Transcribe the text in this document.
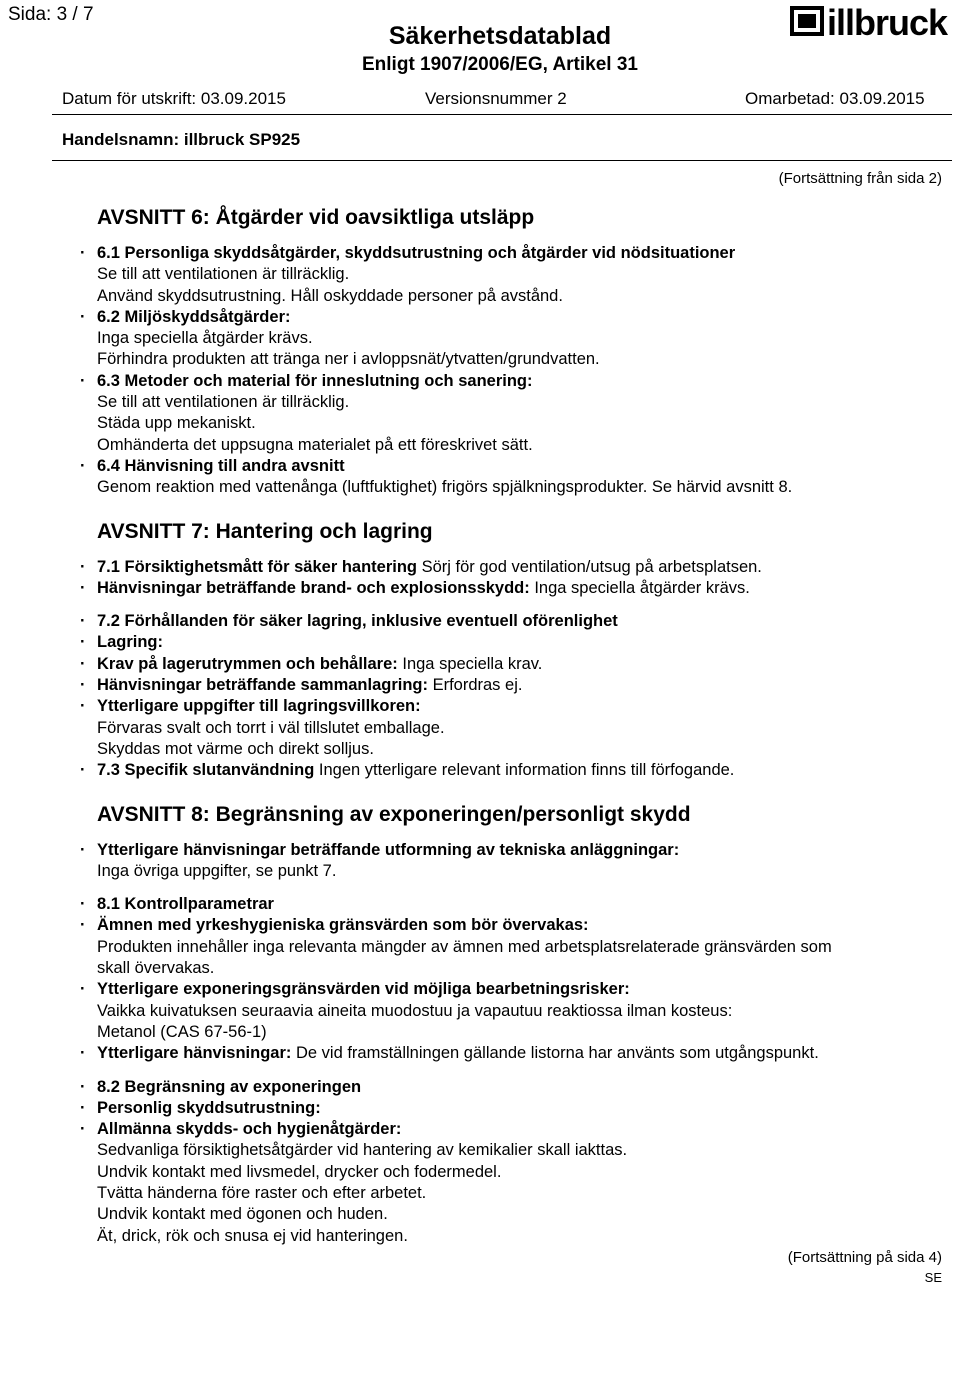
Sida: 3 / 7
Säkerhetsdatablad
Enligt 1907/2006/EG, Artikel 31
illbruck
Datum för utskrift: 03.09.2015	Versionsnummer 2	Omarbetad: 03.09.2015
Handelsnamn: illbruck SP925
(Fortsättning från sida 2)
AVSNITT 6: Åtgärder vid oavsiktliga utsläpp
· 6.1 Personliga skyddsåtgärder, skyddsutrustning och åtgärder vid nödsituationer
Se till att ventilationen är tillräcklig.
Använd skyddsutrustning. Håll oskyddade personer på avstånd.
· 6.2 Miljöskyddsåtgärder:
Inga speciella åtgärder krävs.
Förhindra produkten att tränga ner i avloppsnät/ytvatten/grundvatten.
· 6.3 Metoder och material för inneslutning och sanering:
Se till att ventilationen är tillräcklig.
Städa upp mekaniskt.
Omhänderta det uppsugna materialet på ett föreskrivet sätt.
· 6.4 Hänvisning till andra avsnitt
Genom reaktion med vattenånga (luftfuktighet) frigörs spjälkningsprodukter. Se härvid avsnitt 8.
AVSNITT 7: Hantering och lagring
· 7.1 Försiktighetsmått för säker hantering Sörj för god ventilation/utsug på arbetsplatsen.
· Hänvisningar beträffande brand- och explosionsskydd: Inga speciella åtgärder krävs.
· 7.2 Förhållanden för säker lagring, inklusive eventuell oförenlighet
· Lagring:
· Krav på lagerutrymmen och behållare: Inga speciella krav.
· Hänvisningar beträffande sammanlagring: Erfordras ej.
· Ytterligare uppgifter till lagringsvillkoren:
Förvaras svalt och torrt i väl tillslutet emballage.
Skyddas mot värme och direkt solljus.
· 7.3 Specifik slutanvändning Ingen ytterligare relevant information finns till förfogande.
AVSNITT 8: Begränsning av exponeringen/personligt skydd
· Ytterligare hänvisningar beträffande utformning av tekniska anläggningar:
Inga övriga uppgifter, se punkt 7.
· 8.1 Kontrollparametrar
· Ämnen med yrkeshygieniska gränsvärden som bör övervakas:
Produkten innehåller inga relevanta mängder av ämnen med arbetsplatsrelaterade gränsvärden som
skall övervakas.
· Ytterligare exponeringsgränsvärden vid möjliga bearbetningsrisker:
Vaikka kuivatuksen seuraavia aineita muodostuu ja vapautuu reaktiossa ilman kosteus:
Metanol (CAS 67-56-1)
· Ytterligare hänvisningar: De vid framställningen gällande listorna har använts som utgångspunkt.
· 8.2 Begränsning av exponeringen
· Personlig skyddsutrustning:
· Allmänna skydds- och hygienåtgärder:
Sedvanliga försiktighetsåtgärder vid hantering av kemikalier skall iakttas.
Undvik kontakt med livsmedel, drycker och fodermedel.
Tvätta händerna före raster och efter arbetet.
Undvik kontakt med ögonen och huden.
Ät, drick, rök och snusa ej vid hanteringen.
(Fortsättning på sida 4)
SE
